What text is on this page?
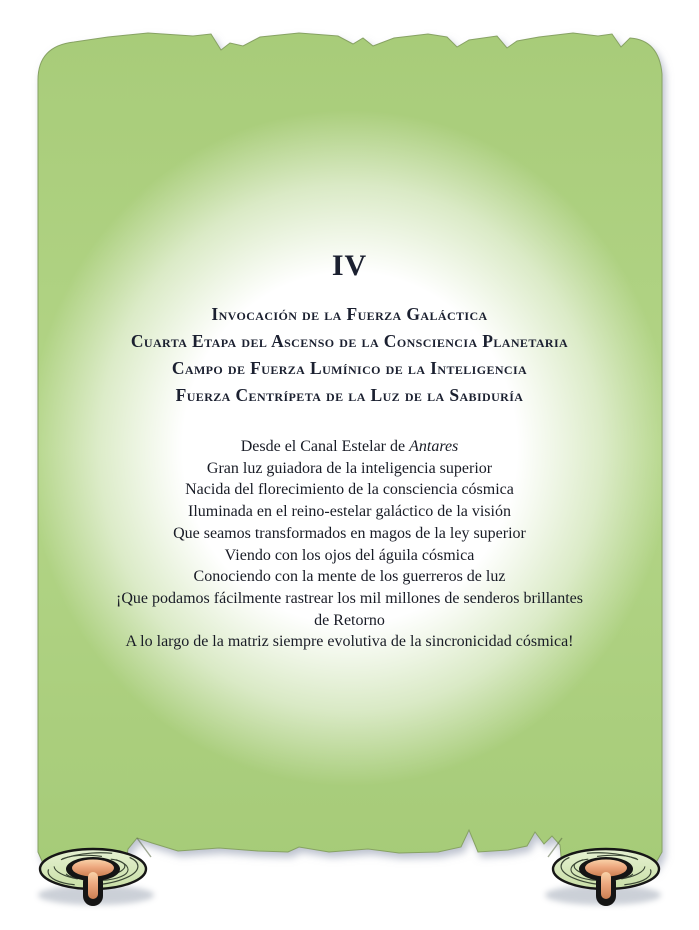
IV
Invocación de la Fuerza Galáctica
Cuarta Etapa del Ascenso de la Consciencia Planetaria
Campo de Fuerza Lumínico de la Inteligencia
Fuerza Centrípeta de la Luz de la Sabiduría
Desde el Canal Estelar de Antares
Gran luz guiadora de la inteligencia superior
Nacida del florecimiento de la consciencia cósmica
Iluminada en el reino-estelar galáctico de la visión
Que seamos transformados en magos de la ley superior
Viendo con los ojos del águila cósmica
Conociendo con la mente de los guerreros de luz
¡Que podamos fácilmente rastrear los mil millones de senderos brillantes
de Retorno
A lo largo de la matriz siempre evolutiva de la sincronicidad cósmica!
